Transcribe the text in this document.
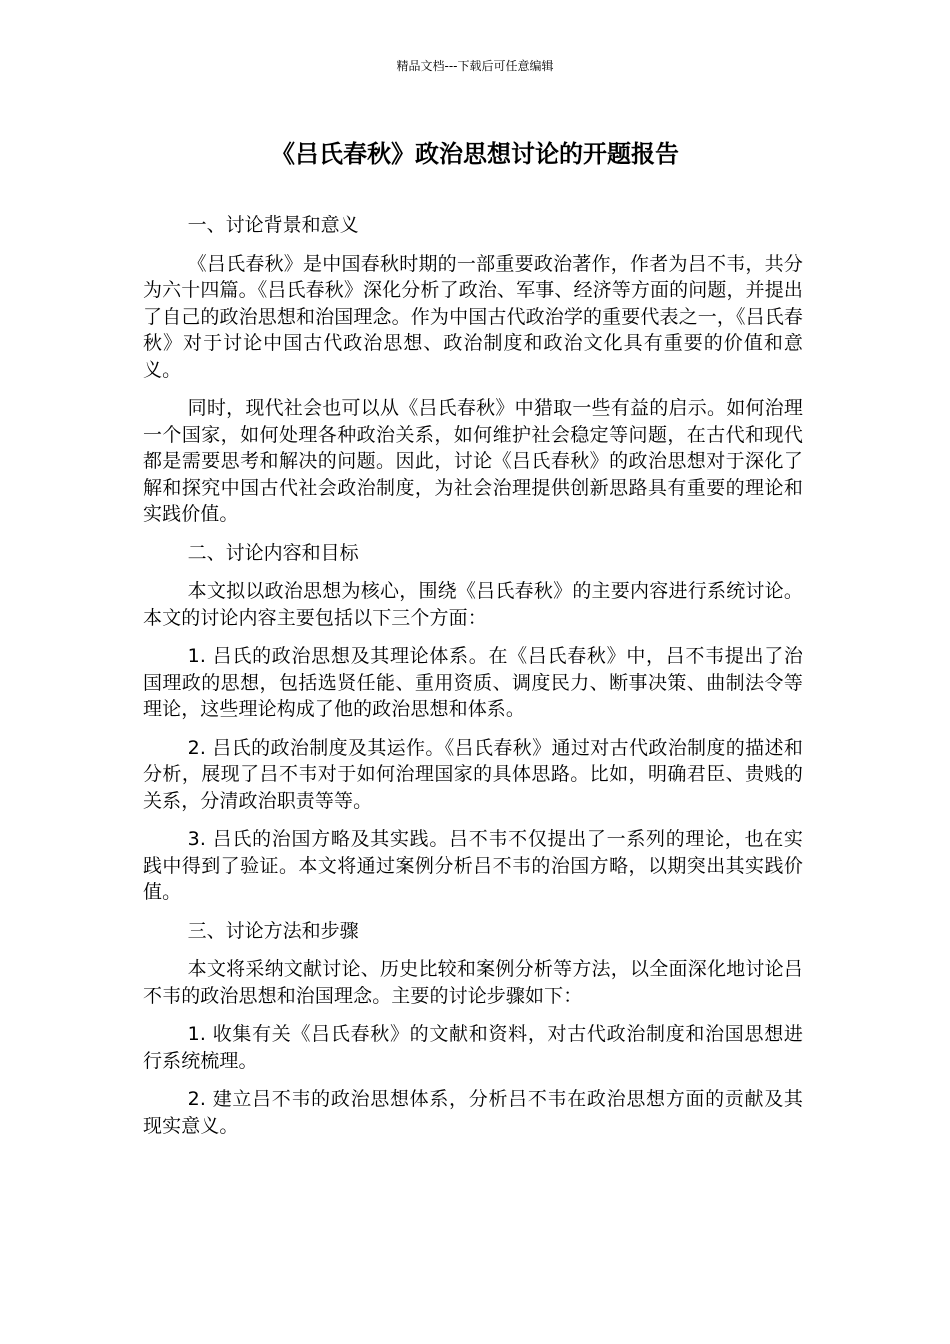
精品文档---下载后可任意编辑
《吕氏春秋》政治思想讨论的开题报告

一、讨论背景和意义

《吕氏春秋》是中国春秋时期的一部重要政治著作，作者为吕不韦，共分为六十四篇。《吕氏春秋》深化分析了政治、军事、经济等方面的问题，并提出了自己的政治思想和治国理念。作为中国古代政治学的重要代表之一，《吕氏春秋》对于讨论中国古代政治思想、政治制度和政治文化具有重要的价值和意义。

同时，现代社会也可以从《吕氏春秋》中猎取一些有益的启示。如何治理一个国家，如何处理各种政治关系，如何维护社会稳定等问题，在古代和现代都是需要思考和解决的问题。因此，讨论《吕氏春秋》的政治思想对于深化了解和探究中国古代社会政治制度，为社会治理提供创新思路具有重要的理论和实践价值。

二、讨论内容和目标

本文拟以政治思想为核心，围绕《吕氏春秋》的主要内容进行系统讨论。本文的讨论内容主要包括以下三个方面：

1. 吕氏的政治思想及其理论体系。在《吕氏春秋》中，吕不韦提出了治国理政的思想，包括选贤任能、重用资质、调度民力、断事决策、曲制法令等理论，这些理论构成了他的政治思想和体系。

2. 吕氏的政治制度及其运作。《吕氏春秋》通过对古代政治制度的描述和分析，展现了吕不韦对于如何治理国家的具体思路。比如，明确君臣、贵贱的关系，分清政治职责等等。

3. 吕氏的治国方略及其实践。吕不韦不仅提出了一系列的理论，也在实践中得到了验证。本文将通过案例分析吕不韦的治国方略，以期突出其实践价值。

三、讨论方法和步骤

本文将采纳文献讨论、历史比较和案例分析等方法，以全面深化地讨论吕不韦的政治思想和治国理念。主要的讨论步骤如下：

1. 收集有关《吕氏春秋》的文献和资料，对古代政治制度和治国思想进行系统梳理。

2. 建立吕不韦的政治思想体系，分析吕不韦在政治思想方面的贡献及其现实意义。
